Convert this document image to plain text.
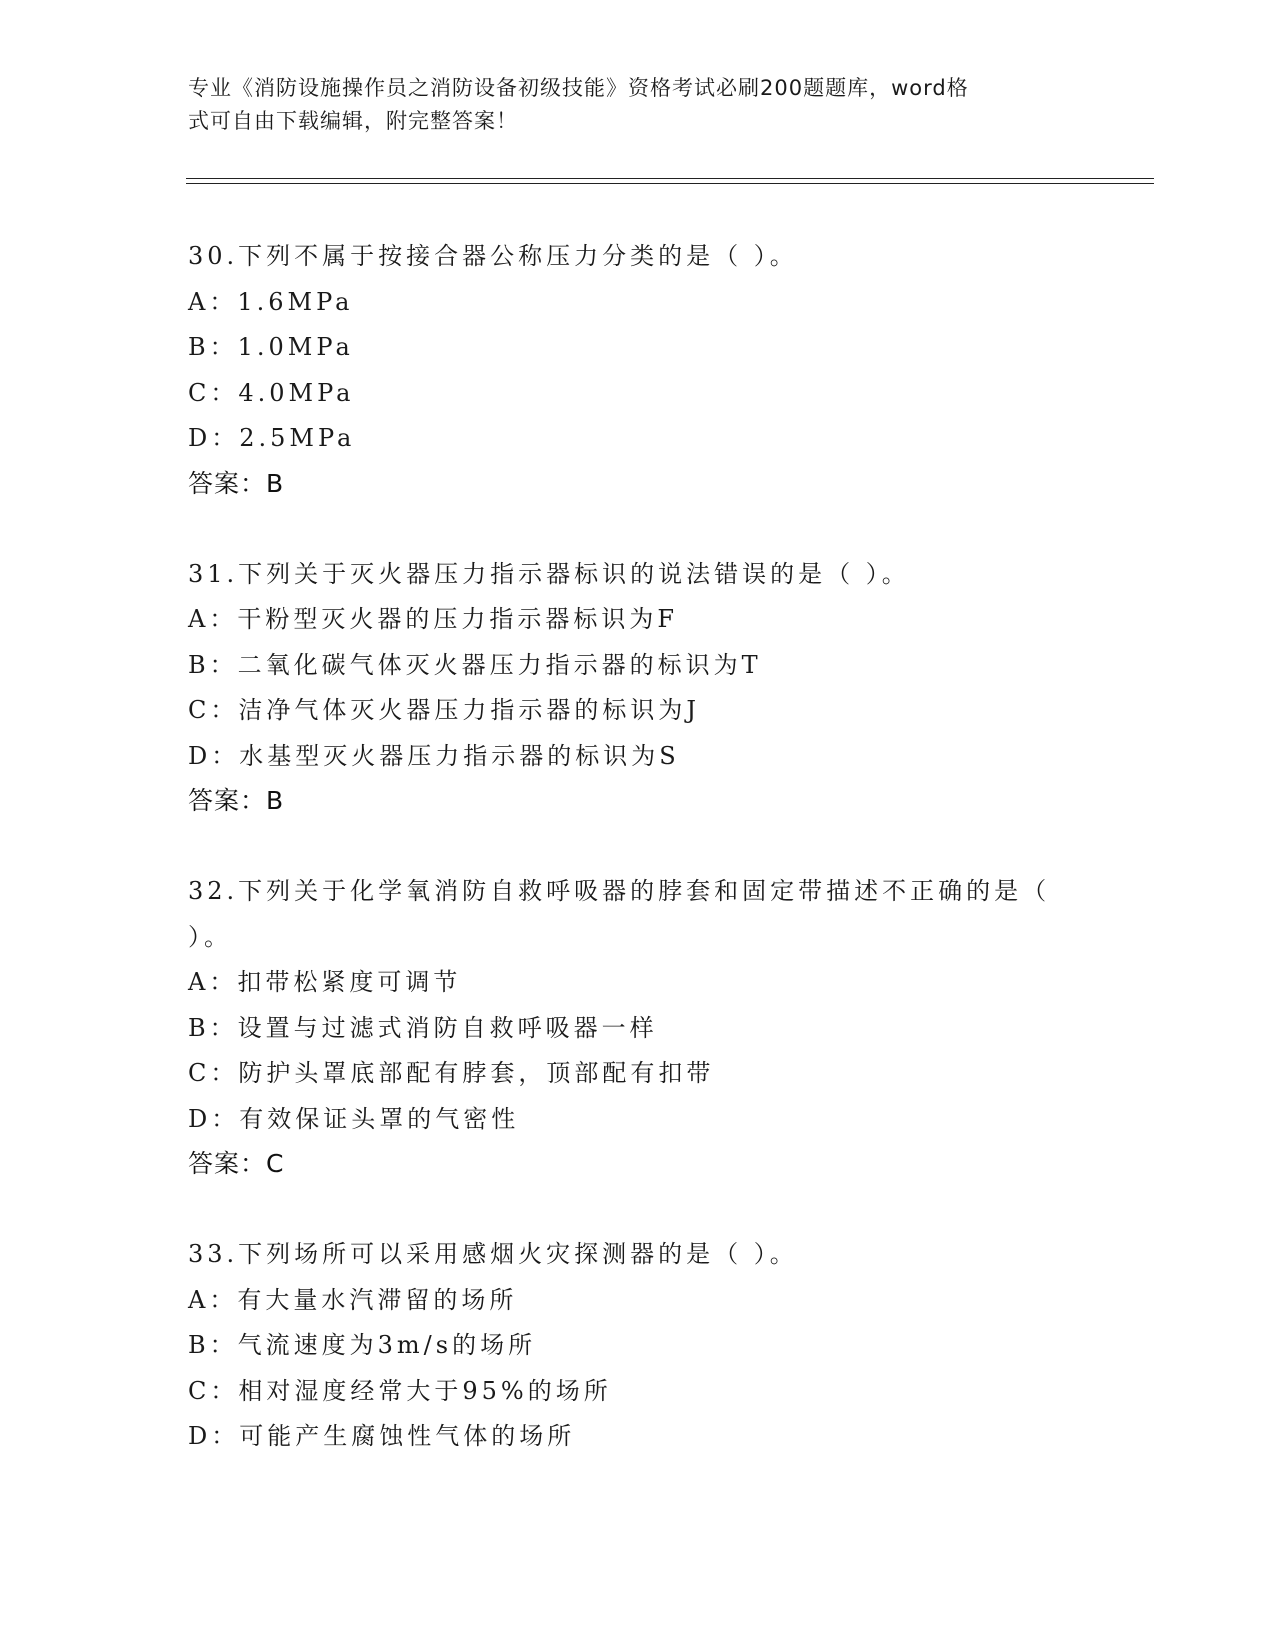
专业《消防设施操作员之消防设备初级技能》资格考试必刷200题题库，word格
式可自由下载编辑，附完整答案！
30.下列不属于按接合器公称压力分类的是（ ）。
A：1.6MPa
B：1.0MPa
C：4.0MPa
D：2.5MPa
答案：B
31.下列关于灭火器压力指示器标识的说法错误的是（ ）。
A：干粉型灭火器的压力指示器标识为F
B：二氧化碳气体灭火器压力指示器的标识为T
C：洁净气体灭火器压力指示器的标识为J
D：水基型灭火器压力指示器的标识为S
答案：B
32.下列关于化学氧消防自救呼吸器的脖套和固定带描述不正确的是（
）。
A：扣带松紧度可调节
B：设置与过滤式消防自救呼吸器一样
C：防护头罩底部配有脖套，顶部配有扣带
D：有效保证头罩的气密性
答案：C
33.下列场所可以采用感烟火灾探测器的是（ ）。
A：有大量水汽滞留的场所
B：气流速度为3m/s的场所
C：相对湿度经常大于95%的场所
D：可能产生腐蚀性气体的场所
